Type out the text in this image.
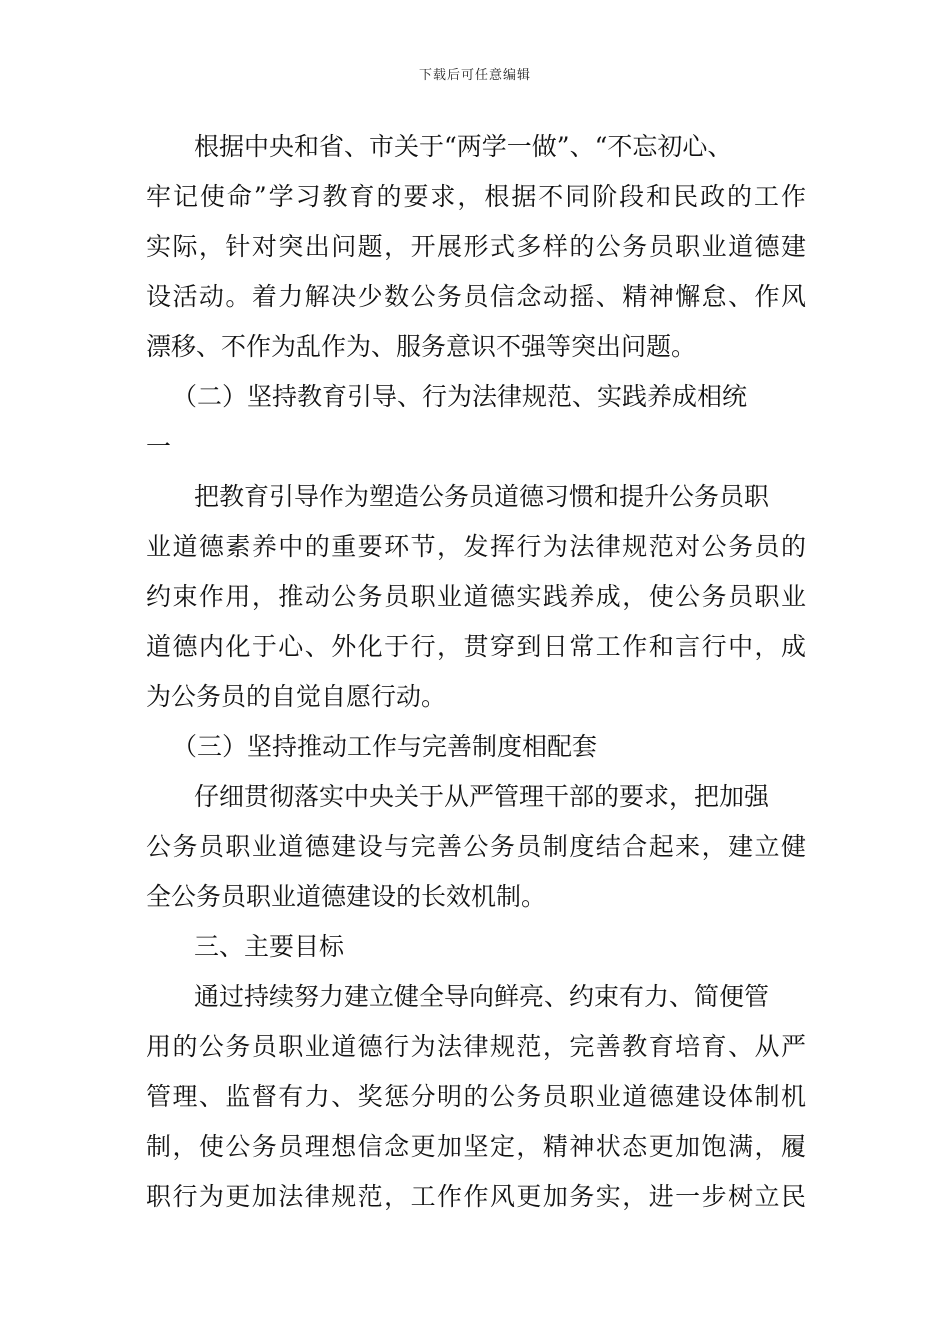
下载后可任意编辑
根据中央和省、市关于“两学一做”、“不忘初心、
牢记使命”学习教育的要求，根据不同阶段和民政的工作
实际，针对突出问题，开展形式多样的公务员职业道德建
设活动。着力解决少数公务员信念动摇、精神懈怠、作风
漂移、不作为乱作为、服务意识不强等突出问题。
（二）坚持教育引导、行为法律规范、实践养成相统
一
把教育引导作为塑造公务员道德习惯和提升公务员职
业道德素养中的重要环节，发挥行为法律规范对公务员的
约束作用，推动公务员职业道德实践养成，使公务员职业
道德内化于心、外化于行，贯穿到日常工作和言行中，成
为公务员的自觉自愿行动。
（三）坚持推动工作与完善制度相配套
仔细贯彻落实中央关于从严管理干部的要求，把加强
公务员职业道德建设与完善公务员制度结合起来，建立健
全公务员职业道德建设的长效机制。
三、主要目标
通过持续努力建立健全导向鲜亮、约束有力、简便管
用的公务员职业道德行为法律规范，完善教育培育、从严
管理、监督有力、奖惩分明的公务员职业道德建设体制机
制，使公务员理想信念更加坚定，精神状态更加饱满，履
职行为更加法律规范，工作作风更加务实，进一步树立民
